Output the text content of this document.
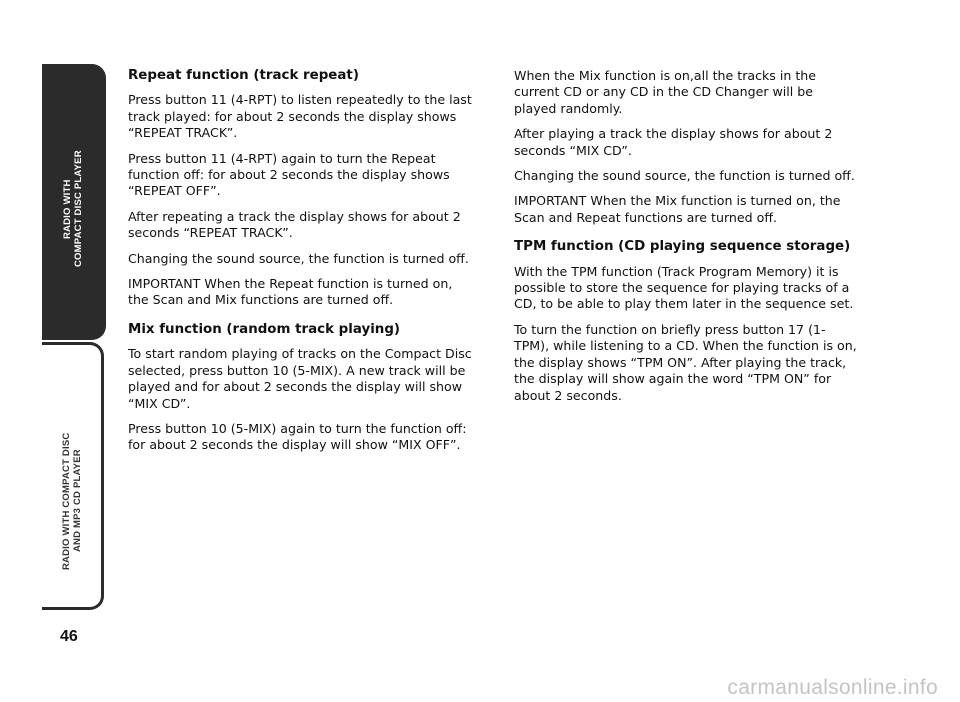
RADIO WITH
COMPACT DISC PLAYER
RADIO WITH COMPACT DISC
AND MP3 CD PLAYER
46
Repeat function (track repeat)

Press button 11 (4-RPT) to listen repeatedly to the last track played: for about 2 seconds the display shows “REPEAT TRACK”.

Press button 11 (4-RPT) again to turn the Repeat function off: for about 2 seconds the display shows “REPEAT OFF”.

After repeating a track the display shows for about 2 seconds “REPEAT TRACK”.

Changing the sound source, the function is turned off.

IMPORTANT When the Repeat function is turned on, the Scan and Mix functions are turned off.

Mix function (random track playing)

To start random playing of tracks on the Compact Disc selected, press button 10 (5-MIX). A new track will be played and for about 2 seconds the display will show “MIX CD”.

Press button 10 (5-MIX) again to turn the function off: for about 2 seconds the display will show “MIX OFF”.

When the Mix function is on,all the tracks in the current CD or any CD in the CD Changer will be played randomly.

After playing a track the display shows for about 2 seconds “MIX CD”.

Changing the sound source, the function is turned off.

IMPORTANT When the Mix function is turned on, the Scan and Repeat functions are turned off.

TPM function (CD playing sequence storage)

With the TPM function (Track Program Memory) it is possible to store the sequence for playing tracks of a CD, to be able to play them later in the sequence set.

To turn the function on briefly press button 17 (1-TPM), while listening to a CD. When the function is on, the display shows “TPM ON”. After playing the track, the display will show again the word “TPM ON” for about 2 seconds.

carmanualsonline.info
